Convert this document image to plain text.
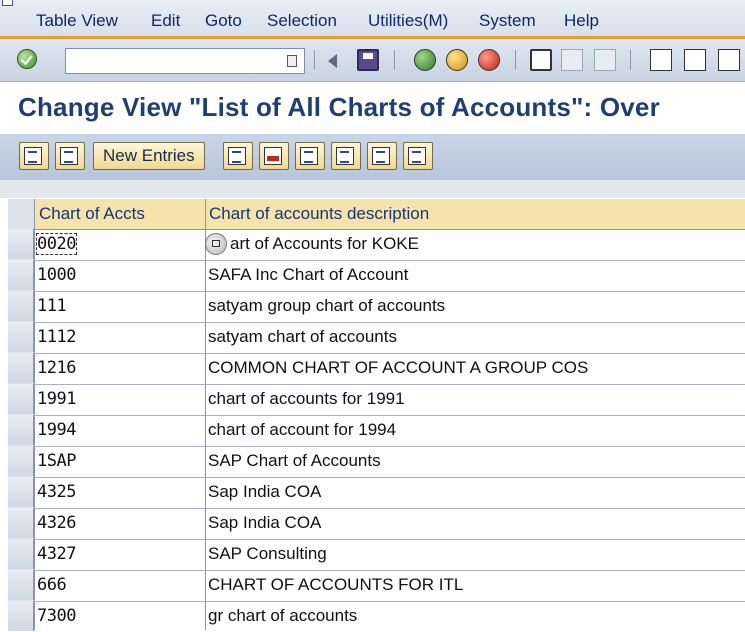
Table View Edit Goto Selection Utilities(M) System Help
Change View "List of All Charts of Accounts": Over
New Entries
Chart of Accts	Chart of accounts description
0020	art of Accounts for KOKE
1000	SAFA Inc Chart of Account
111	satyam group chart of accounts
1112	satyam chart of accounts
1216	COMMON CHART OF ACCOUNT A GROUP COS
1991	chart of accounts for 1991
1994	chart of account for 1994
1SAP	SAP Chart of Accounts
4325	Sap India COA
4326	Sap India COA
4327	SAP Consulting
666	CHART OF ACCOUNTS FOR ITL
7300	gr chart of accounts
